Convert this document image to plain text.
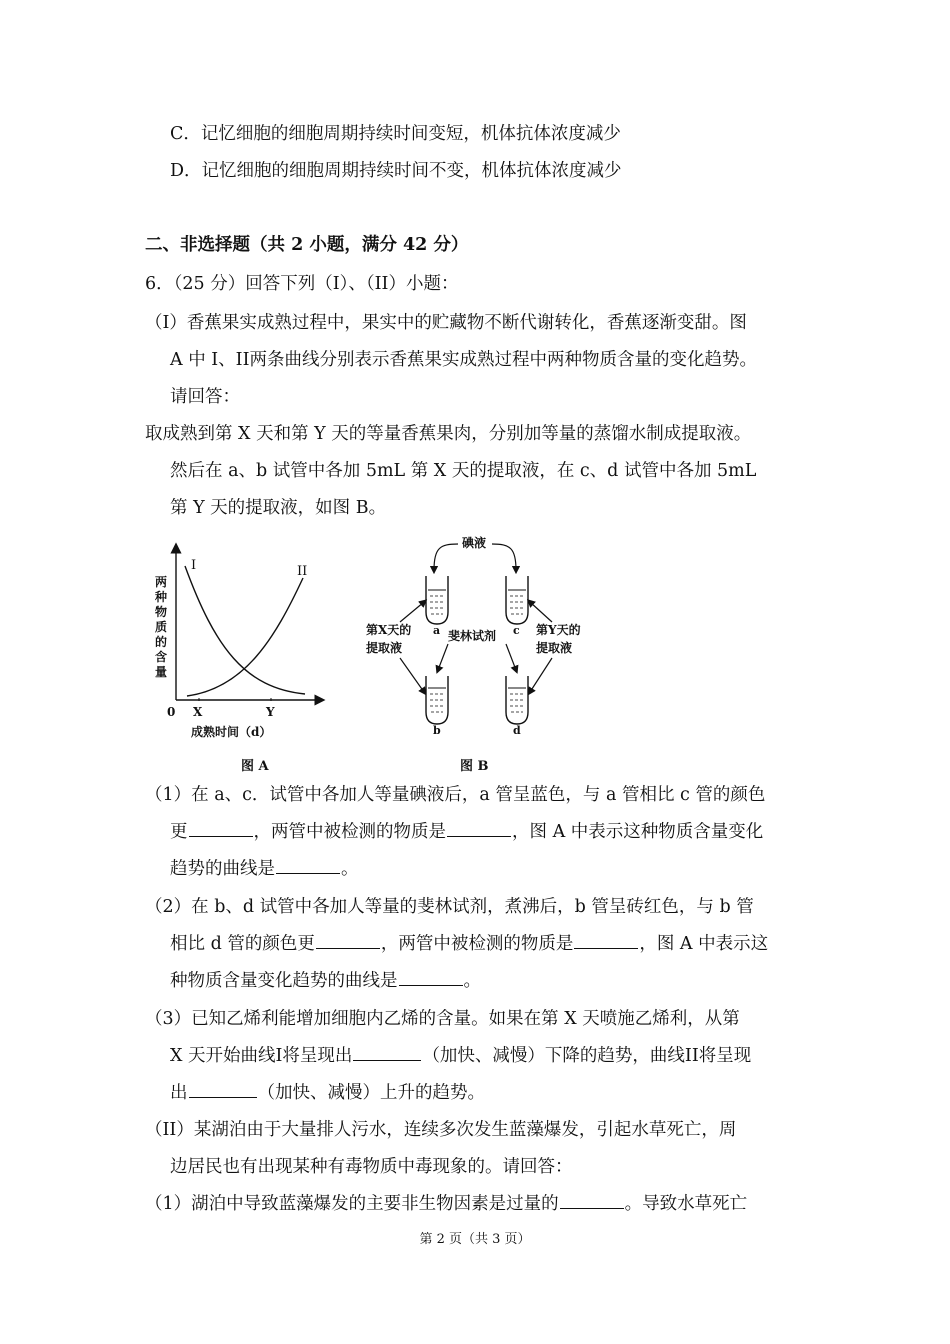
C．记忆细胞的细胞周期持续时间变短，机体抗体浓度减少
D．记忆细胞的细胞周期持续时间不变，机体抗体浓度减少
二、非选择题（共 2 小题，满分 42 分）
6．（25 分）回答下列（I）、（II）小题：
（I）香蕉果实成熟过程中，果实中的贮藏物不断代谢转化，香蕉逐渐变甜。图
A 中 I、II两条曲线分别表示香蕉果实成熟过程中两种物质含量的变化趋势。
请回答：
取成熟到第 X 天和第 Y 天的等量香蕉果肉，分别加等量的蒸馏水制成提取液。
然后在 a、b 试管中各加 5mL 第 X 天的提取液，在 c、d 试管中各加 5mL
第 Y 天的提取液，如图 B。
两
种
物
质
的
含
量
I	II
0 X	Y
成熟时间（d）
图 A
碘液
a	c
第X天的
提取液
第Y天的
提取液
斐林试剂
b	d
图 B
（1）在 a、c．试管中各加人等量碘液后，a 管呈蓝色，与 a 管相比 c 管的颜色
更	，两管中被检测的物质是	，图 A 中表示这种物质含量变化
趋势的曲线是	。
（2）在 b、d 试管中各加人等量的斐林试剂，煮沸后，b 管呈砖红色，与 b 管
相比 d 管的颜色更	，两管中被检测的物质是	，图 A 中表示这
种物质含量变化趋势的曲线是	。
（3）已知乙烯利能增加细胞内乙烯的含量。如果在第 X 天喷施乙烯利，从第
X 天开始曲线I将呈现出	（加快、减慢）下降的趋势，曲线II将呈现
出	（加快、减慢）上升的趋势。
（II）某湖泊由于大量排人污水，连续多次发生蓝藻爆发，引起水草死亡，周
边居民也有出现某种有毒物质中毒现象的。请回答：
（1）湖泊中导致蓝藻爆发的主要非生物因素是过量的	。导致水草死亡
第 2 页（共 3 页）
